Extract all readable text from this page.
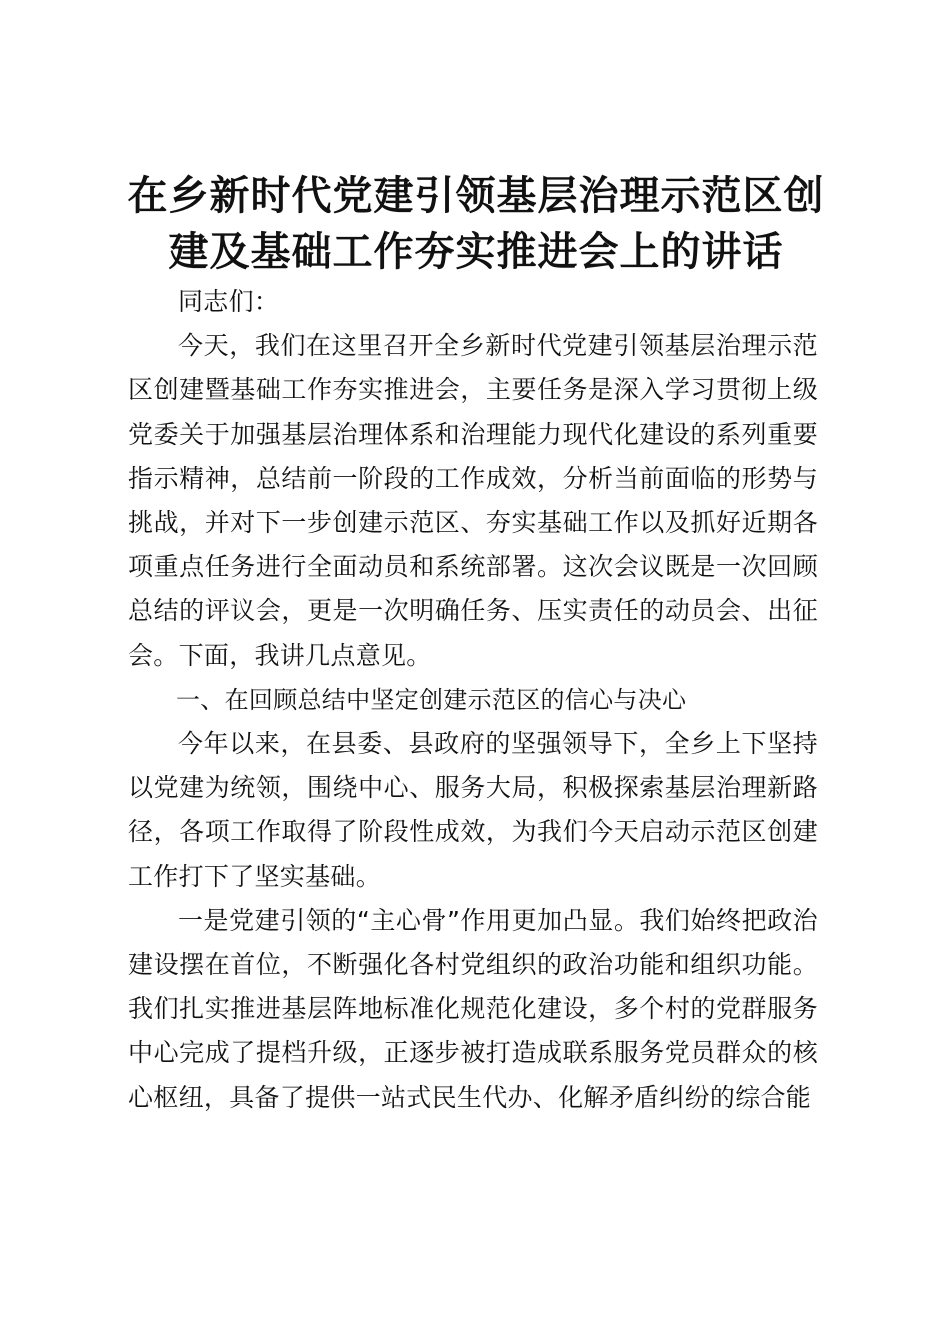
在乡新时代党建引领基层治理示范区创建及基础工作夯实推进会上的讲话

同志们：

今天，我们在这里召开全乡新时代党建引领基层治理示范区创建暨基础工作夯实推进会，主要任务是深入学习贯彻上级党委关于加强基层治理体系和治理能力现代化建设的系列重要指示精神，总结前一阶段的工作成效，分析当前面临的形势与挑战，并对下一步创建示范区、夯实基础工作以及抓好近期各项重点任务进行全面动员和系统部署。这次会议既是一次回顾总结的评议会，更是一次明确任务、压实责任的动员会、出征会。下面，我讲几点意见。

一、在回顾总结中坚定创建示范区的信心与决心

今年以来，在县委、县政府的坚强领导下，全乡上下坚持以党建为统领，围绕中心、服务大局，积极探索基层治理新路径，各项工作取得了阶段性成效，为我们今天启动示范区创建工作打下了坚实基础。

一是党建引领的“主心骨”作用更加凸显。我们始终把政治建设摆在首位，不断强化各村党组织的政治功能和组织功能。我们扎实推进基层阵地标准化规范化建设，多个村的党群服务中心完成了提档升级，正逐步被打造成联系服务党员群众的核心枢纽，具备了提供一站式民生代办、化解矛盾纠纷的综合能
